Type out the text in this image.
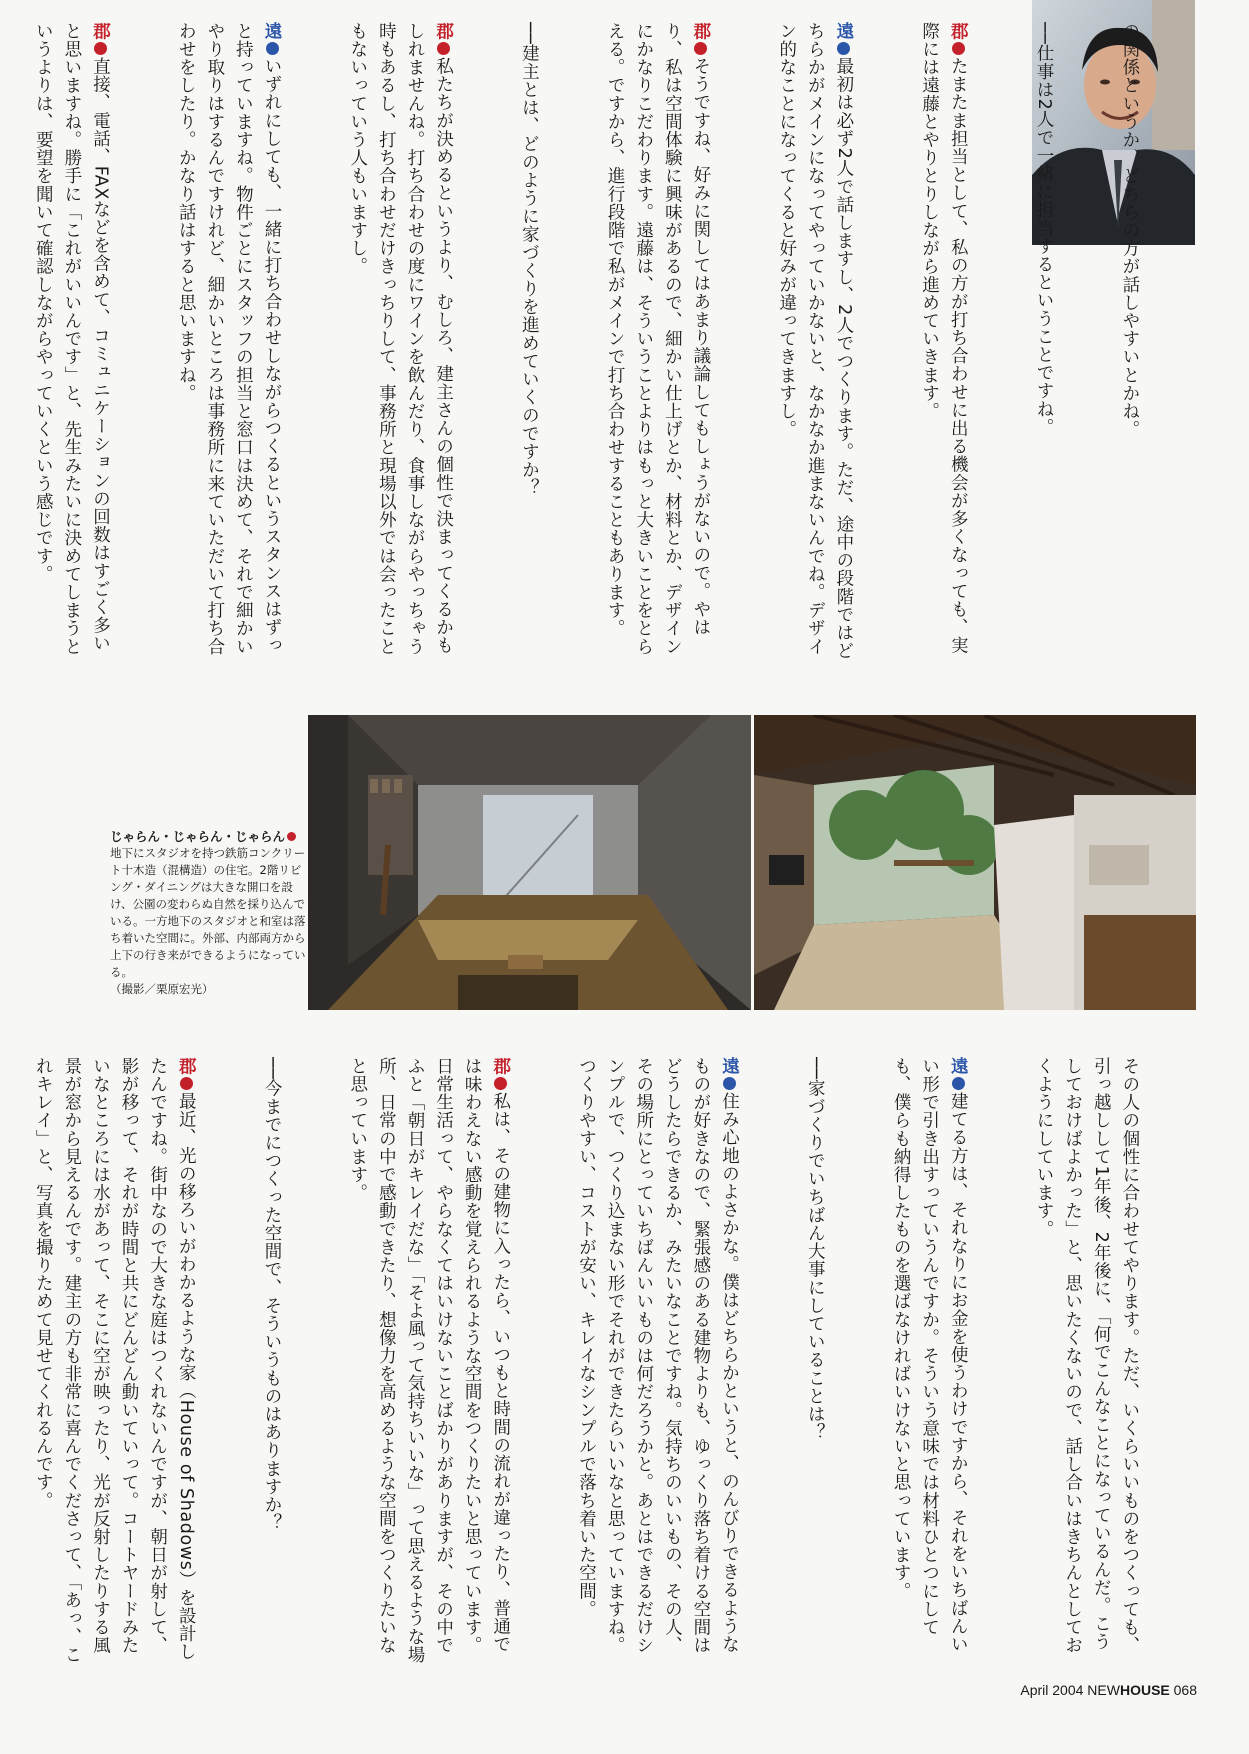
の関係というか、どちらの方が話しやすいとかね。

──仕事は2人で一緒に担当するということですね。

郡たまたま担当として、私の方が打ち合わせに出る機会が多くなっても、実際には遠藤とやりとりしながら進めていきます。

遠最初は必ず2人で話しますし、2人でつくります。ただ、途中の段階ではどちらかがメインになってやっていかないと、なかなか進まないんでね。デザイン的なことになってくると好みが違ってきますし。

郡そうですね、好みに関してはあまり議論してもしょうがないので。やはり、私は空間体験に興味があるので、細かい仕上げとか、材料とか、デザインにかなりこだわります。遠藤は、そういうことよりはもっと大きいことをとらえる。ですから、進行段階で私がメインで打ち合わせすることもあります。

──建主とは、どのように家づくりを進めていくのですか？

郡私たちが決めるというより、むしろ、建主さんの個性で決まってくるかもしれませんね。打ち合わせの度にワインを飲んだり、食事しながらやっちゃう時もあるし、打ち合わせだけきっちりして、事務所と現場以外では会ったこともないっていう人もいますし。

遠いずれにしても、一緒に打ち合わせしながらつくるというスタンスはずっと持っていますね。物件ごとにスタッフの担当と窓口は決めて、それで細かいやり取りはするんですけれど、細かいところは事務所に来ていただいて打ち合わせをしたり。かなり話はすると思いますね。

郡直接、電話、FAXなどを含めて、コミュニケーションの回数はすごく多いと思いますね。勝手に「これがいいんです」と、先生みたいに決めてしまうというよりは、要望を聞いて確認しながらやっていくという感じです。

じゃらん・じゃらん・じゃらん
地下にスタジオを持つ鉄筋コンクリート十木造（混構造）の住宅。2階リビング・ダイニングは大きな開口を設け、公園の変わらぬ自然を採り込んでいる。一方地下のスタジオと和室は落ち着いた空間に。外部、内部両方から上下の行き来ができるようになっている。
（撮影／栗原宏光）

その人の個性に合わせてやります。ただ、いくらいいものをつくっても、引っ越しして1年後、2年後に、「何でこんなことになっているんだ。こうしておけばよかった」と、思いたくないので、話し合いはきちんとしておくようにしています。

遠建てる方は、それなりにお金を使うわけですから、それをいちばんいい形で引き出すっていうんですか。そういう意味では材料ひとつにしても、僕らも納得したものを選ばなければいけないと思っています。

──家づくりでいちばん大事にしていることは？

遠住み心地のよさかな。僕はどちらかというと、のんびりできるようなものが好きなので、緊張感のある建物よりも、ゆっくり落ち着ける空間はどうしたらできるか、みたいなことですね。気持ちのいいもの、その人、その場所にとっていちばんいいものは何だろうかと。あとはできるだけシンプルで、つくり込まない形でそれができたらいいなと思っていますね。つくりやすい、コストが安い、キレイなシンプルで落ち着いた空間。

郡私は、その建物に入ったら、いつもと時間の流れが違ったり、普通では味わえない感動を覚えられるような空間をつくりたいと思っています。日常生活って、やらなくてはいけないことばかりがありますが、その中でふと「朝日がキレイだな」「そよ風って気持ちいいな」って思えるような場所、日常の中で感動できたり、想像力を高めるような空間をつくりたいなと思っています。

──今までにつくった空間で、そういうものはありますか？

郡最近、光の移ろいがわかるような家（House of Shadows）を設計したんですね。街中なので大きな庭はつくれないんですが、朝日が射して、影が移って、それが時間と共にどんどん動いていって。コートヤードみたいなところには水があって、そこに空が映ったり、光が反射したりする風景が窓から見えるんです。建主の方も非常に喜んでくださって、「あっ、これキレイ」と、写真を撮りためて見せてくれるんです。

April 2004 NEWHOUSE 068
